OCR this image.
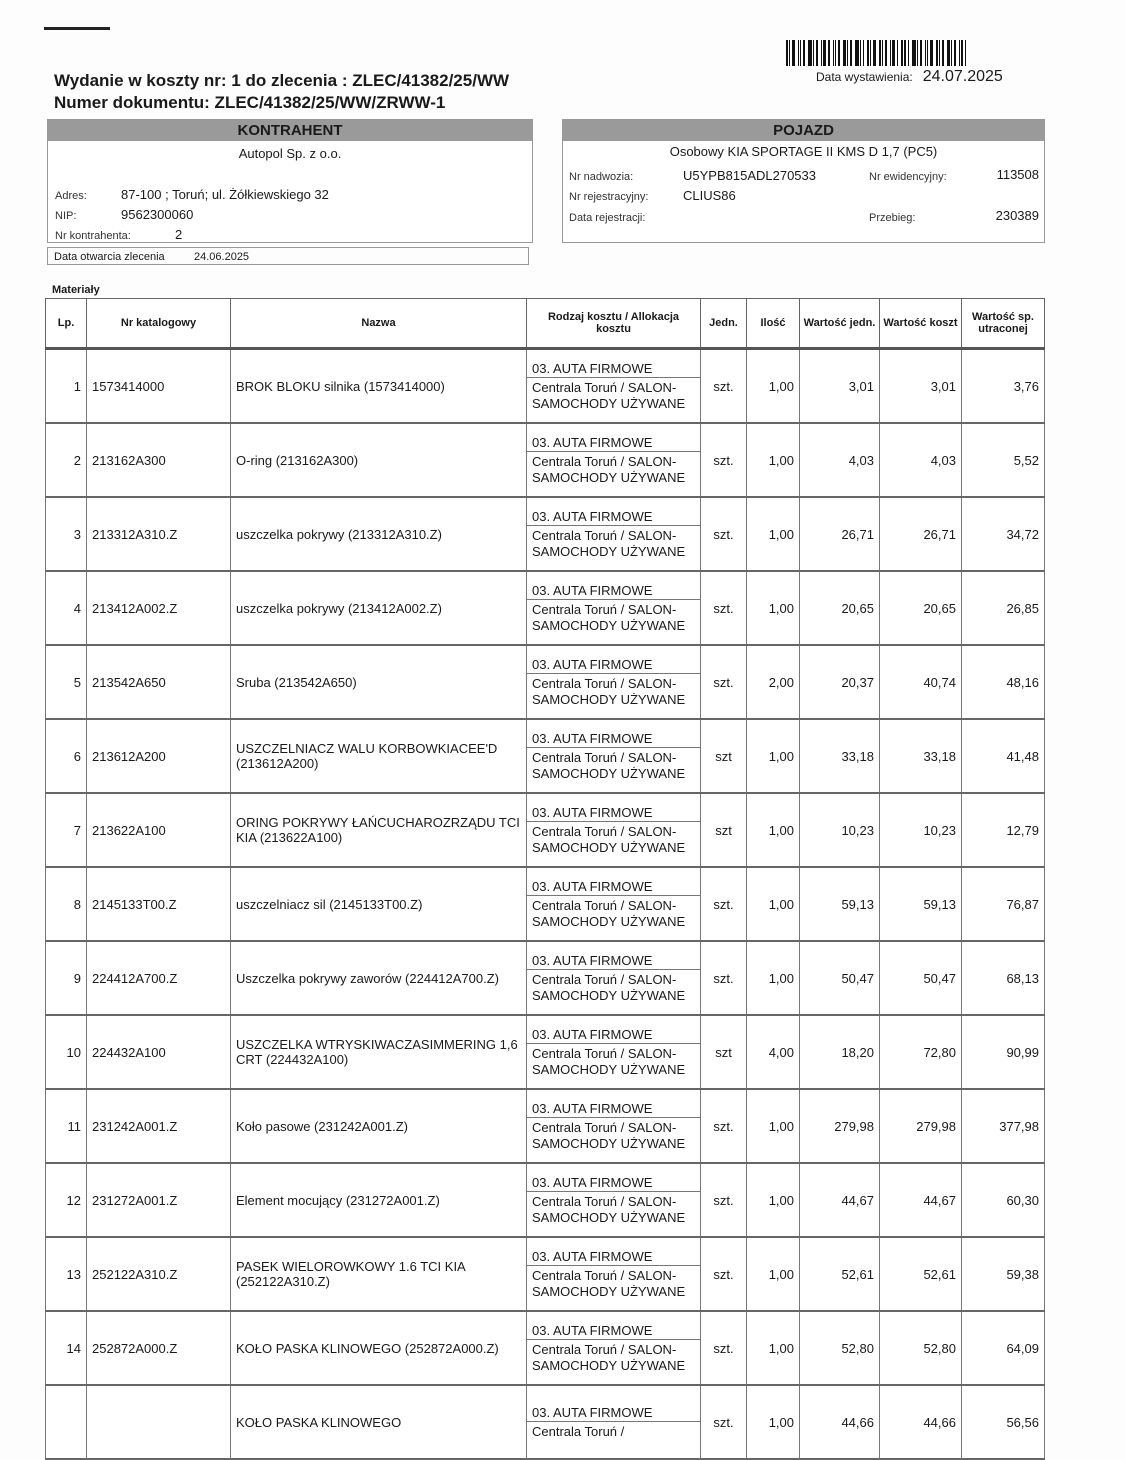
Wydanie w koszty nr: 1 do zlecenia : ZLEC/41382/25/WW
Numer dokumentu: ZLEC/41382/25/WW/ZRWW-1
Data wystawienia: 24.07.2025
KONTRAHENT
Autopol Sp. z o.o.
Adres:	87-100 ; Toruń; ul. Żółkiewskiego 32
NIP:	9562300060
Nr kontrahenta:	2
Data otwarcia zlecenia	24.06.2025
POJAZD
Osobowy KIA SPORTAGE II KMS D 1,7 (PC5)
Nr nadwozia:	U5YPB815ADL270533
Nr rejestracyjny:	CLIUS86
Data rejestracji:
Nr ewidencyjny:	113508
Przebieg:	230389
Materiały
Lp.	Nr katalogowy	Nazwa	Rodzaj kosztu / Allokacja kosztu	Jedn.	Ilość	Wartość jedn.	Wartość koszt	Wartość sp. utraconej
1	1573414000	BROK BLOKU silnika (1573414000)	03. AUTA FIRMOWE
Centrala Toruń / SALON-SAMOCHODY UŻYWANE	szt.	1,00	3,01	3,01	3,76
2	213162A300	O-ring (213162A300)	03. AUTA FIRMOWE
Centrala Toruń / SALON-SAMOCHODY UŻYWANE	szt.	1,00	4,03	4,03	5,52
3	213312A310.Z	uszczelka pokrywy (213312A310.Z)	03. AUTA FIRMOWE
Centrala Toruń / SALON-SAMOCHODY UŻYWANE	szt.	1,00	26,71	26,71	34,72
4	213412A002.Z	uszczelka pokrywy (213412A002.Z)	03. AUTA FIRMOWE
Centrala Toruń / SALON-SAMOCHODY UŻYWANE	szt.	1,00	20,65	20,65	26,85
5	213542A650	Sruba (213542A650)	03. AUTA FIRMOWE
Centrala Toruń / SALON-SAMOCHODY UŻYWANE	szt.	2,00	20,37	40,74	48,16
6	213612A200	USZCZELNIACZ WALU KORBOWKIACEE'D (213612A200)	03. AUTA FIRMOWE
Centrala Toruń / SALON-SAMOCHODY UŻYWANE	szt	1,00	33,18	33,18	41,48
7	213622A100	ORING POKRYWY ŁAŃCUCHAROZRZĄDU TCI KIA (213622A100)	03. AUTA FIRMOWE
Centrala Toruń / SALON-SAMOCHODY UŻYWANE	szt	1,00	10,23	10,23	12,79
8	2145133T00.Z	uszczelniacz sil (2145133T00.Z)	03. AUTA FIRMOWE
Centrala Toruń / SALON-SAMOCHODY UŻYWANE	szt.	1,00	59,13	59,13	76,87
9	224412A700.Z	Uszczelka pokrywy zaworów (224412A700.Z)	03. AUTA FIRMOWE
Centrala Toruń / SALON-SAMOCHODY UŻYWANE	szt.	1,00	50,47	50,47	68,13
10	224432A100	USZCZELKA WTRYSKIWACZASIMMERING 1,6 CRT (224432A100)	03. AUTA FIRMOWE
Centrala Toruń / SALON-SAMOCHODY UŻYWANE	szt	4,00	18,20	72,80	90,99
11	231242A001.Z	Koło pasowe (231242A001.Z)	03. AUTA FIRMOWE
Centrala Toruń / SALON-SAMOCHODY UŻYWANE	szt.	1,00	279,98	279,98	377,98
12	231272A001.Z	Element mocujący (231272A001.Z)	03. AUTA FIRMOWE
Centrala Toruń / SALON-SAMOCHODY UŻYWANE	szt.	1,00	44,67	44,67	60,30
13	252122A310.Z	PASEK WIELOROWKOWY 1.6 TCI KIA (252122A310.Z)	03. AUTA FIRMOWE
Centrala Toruń / SALON-SAMOCHODY UŻYWANE	szt.	1,00	52,61	52,61	59,38
14	252872A000.Z	KOŁO PASKA KLINOWEGO (252872A000.Z)	03. AUTA FIRMOWE
Centrala Toruń / SALON-SAMOCHODY UŻYWANE	szt.	1,00	52,80	52,80	64,09
		KOŁO PASKA KLINOWEGO	03. AUTA FIRMOWE
Centrala Toruń /	szt.	1,00	44,66	44,66	56,56
